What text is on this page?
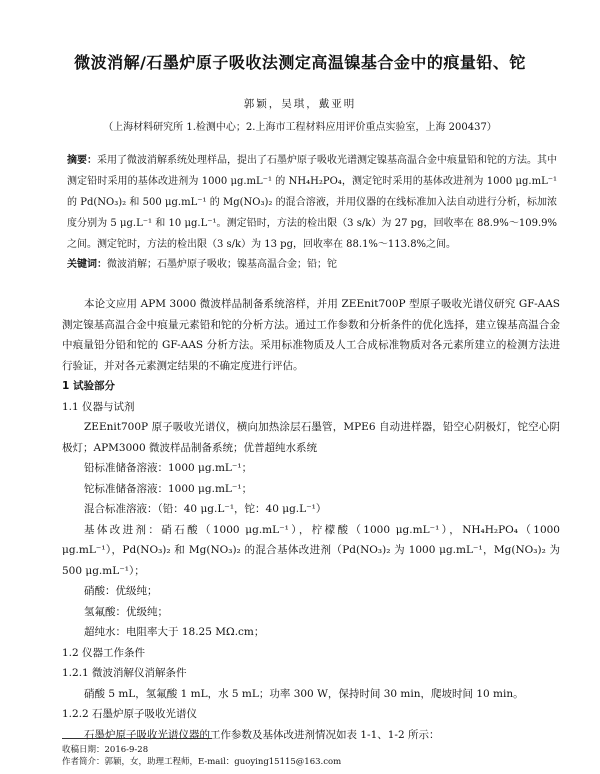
微波消解/石墨炉原子吸收法测定高温镍基合金中的痕量铅、铊
郭颖，吴琪，戴亚明
（上海材料研究所 1.检测中心；2.上海市工程材料应用评价重点实验室，上海 200437）
摘要：采用了微波消解系统处理样品，提出了石墨炉原子吸收光谱测定镍基高温合金中痕量铅和铊的方法。其中测定铅时采用的基体改进剂为 1000 μg.mL⁻¹ 的 NH₄H₂PO₄，测定铊时采用的基体改进剂为 1000 μg.mL⁻¹ 的 Pd(NO₃)₂ 和 500 μg.mL⁻¹ 的 Mg(NO₃)₂ 的混合溶液，并用仪器的在线标准加入法自动进行分析，标加浓度分别为 5 μg.L⁻¹ 和 10 μg.L⁻¹。测定铅时，方法的检出限（3 s/k）为 27 pg，回收率在 88.9%～109.9%之间。测定铊时，方法的检出限（3 s/k）为 13 pg，回收率在 88.1%～113.8%之间。
关键词：微波消解；石墨炉原子吸收；镍基高温合金；铅；铊
本论文应用 APM 3000 微波样品制备系统溶样，并用 ZEEnit700P 型原子吸收光谱仪研究 GF-AAS 测定镍基高温合金中痕量元素铅和铊的分析方法。通过工作参数和分析条件的优化选择，建立镍基高温合金中痕量铅分铅和铊的 GF-AAS 分析方法。采用标准物质及人工合成标准物质对各元素所建立的检测方法进行验证，并对各元素测定结果的不确定度进行评估。
1 试验部分
1.1 仪器与试剂
ZEEnit700P 原子吸收光谱仪，横向加热涂层石墨管，MPE6 自动进样器，铅空心阴极灯，铊空心阴极灯；APM3000 微波样品制备系统；优普超纯水系统
铅标准储备溶液：1000 μg.mL⁻¹；
铊标准储备溶液：1000 μg.mL⁻¹；
混合标准溶液：（铅：40 μg.L⁻¹，铊：40 μg.L⁻¹）
基体改进剂：硝石酸（1000 μg.mL⁻¹），柠檬酸（1000 μg.mL⁻¹），NH₄H₂PO₄（1000 μg.mL⁻¹），Pd(NO₃)₂ 和 Mg(NO₃)₂ 的混合基体改进剂（Pd(NO₃)₂ 为 1000 μg.mL⁻¹，Mg(NO₃)₂ 为 500 μg.mL⁻¹）；
硝酸：优级纯；
氢氟酸：优级纯；
超纯水：电阻率大于 18.25 MΩ.cm；
1.2 仪器工作条件
1.2.1 微波消解仪消解条件
硝酸 5 mL，氢氟酸 1 mL，水 5 mL；功率 300 W，保持时间 30 min，爬坡时间 10 min。
1.2.2 石墨炉原子吸收光谱仪
石墨炉原子吸收光谱仪器的工作参数及基体改进剂情况如表 1-1、1-2 所示：
收稿日期：2016-9-28
作者简介：郭颖，女，助理工程师，E-mail：guoying15115@163.com
